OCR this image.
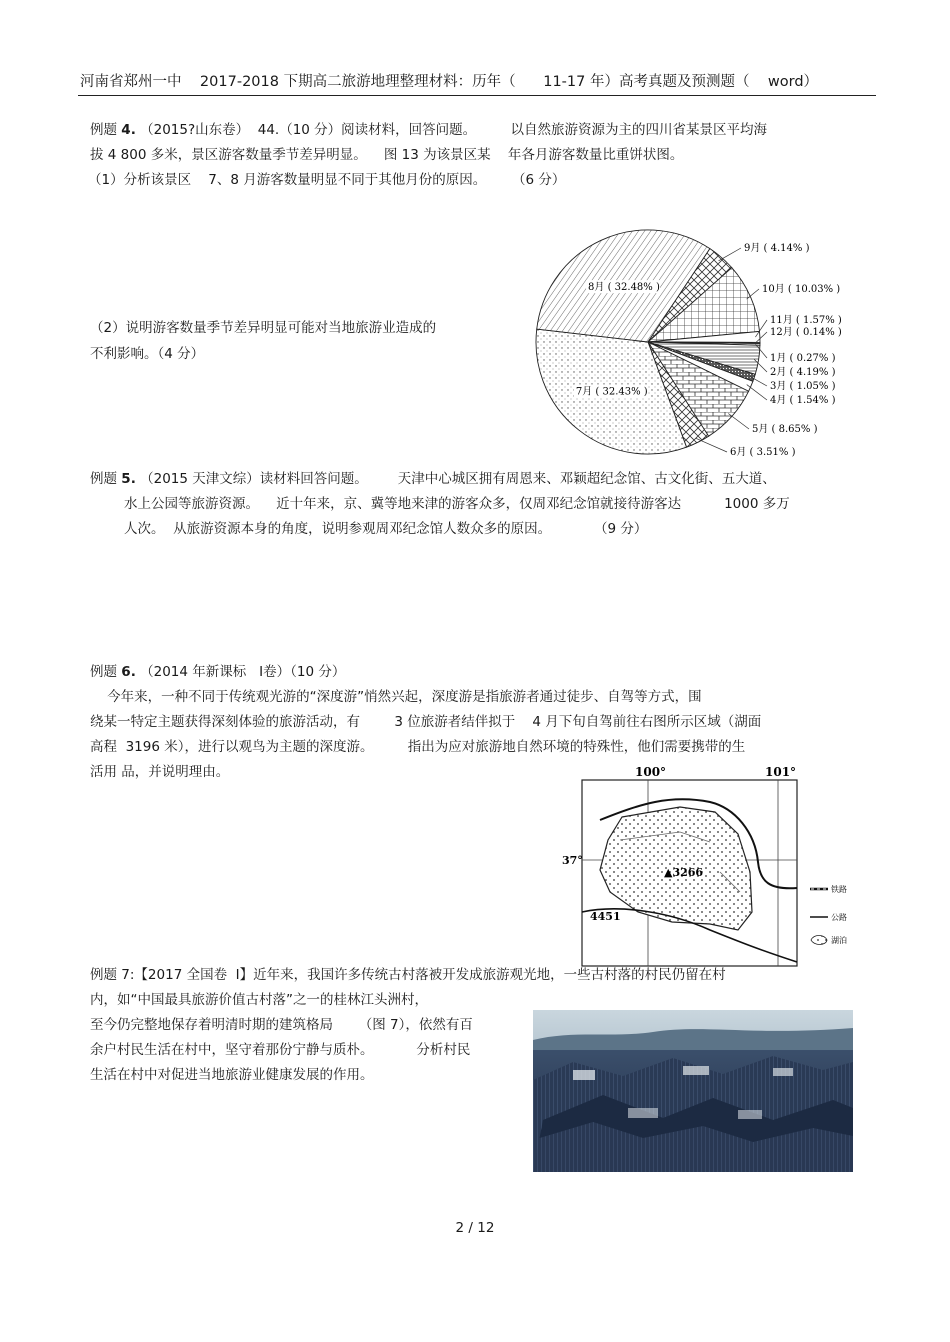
河南省郑州一中    2017-2018 下期高二旅游地理整理材料：历年（      11-17 年）高考真题及预测题（    word）
例题 4. （2015?山东卷）  44.（10 分）阅读材料，回答问题。        以自然旅游资源为主的四川省某景区平均海
拔 4 800 多米，景区游客数量季节差异明显。    图 13 为该景区某    年各月游客数量比重饼状图。
（1）分析该景区    7、8 月游客数量明显不同于其他月份的原因。      （6 分）
（2）说明游客数量季节差异明显可能对当地旅游业造成的
不利影响。（4 分）	1月 ( 0.27% )
2月 ( 4.19% )
3月 ( 1.05% )
4月 ( 1.54% )
5月 ( 8.65% )
6月 ( 3.51% )
7月 ( 32.43% )
8月 ( 32.48% )
9月 ( 4.14% )
10月 ( 10.03% )
11月 ( 1.57% )
12月 ( 0.14% )
例题 5. （2015 天津文综）读材料回答问题。       天津中心城区拥有周恩来、邓颖超纪念馆、古文化街、五大道、
水上公园等旅游资源。    近十年来，京、冀等地来津的游客众多，仅周邓纪念馆就接待游客达          1000 多万
人次。  从旅游资源本身的角度，说明参观周邓纪念馆人数众多的原因。          （9 分）
例题 6. （2014 年新课标   Ⅰ卷）（10 分）
今年来，一种不同于传统观光游的“深度游”悄然兴起，深度游是指旅游者通过徒步、自驾等方式，围
绕某一特定主题获得深刻体验的旅游活动，有        3 位旅游者结伴拟于    4 月下旬自驾前往右图所示区域（湖面
高程  3196 米），进行以观鸟为主题的深度游。        指出为应对旅游地自然环境的特殊性，他们需要携带的生
活用 品，并说明理由。	100°	101°
37°
▲3266
4451
铁路
公路
湖泊
例题 7:【2017 全国卷  Ⅰ】近年来，我国许多传统古村落被开发成旅游观光地，一些古村落的村民仍留在村
内，如“中国最具旅游价值古村落”之一的桂林江头洲村，
至今仍完整地保存着明清时期的建筑格局      （图 7），依然有百
余户村民生活在村中，坚守着那份宁静与质朴。          分析村民
生活在村中对促进当地旅游业健康发展的作用。
2 / 12
